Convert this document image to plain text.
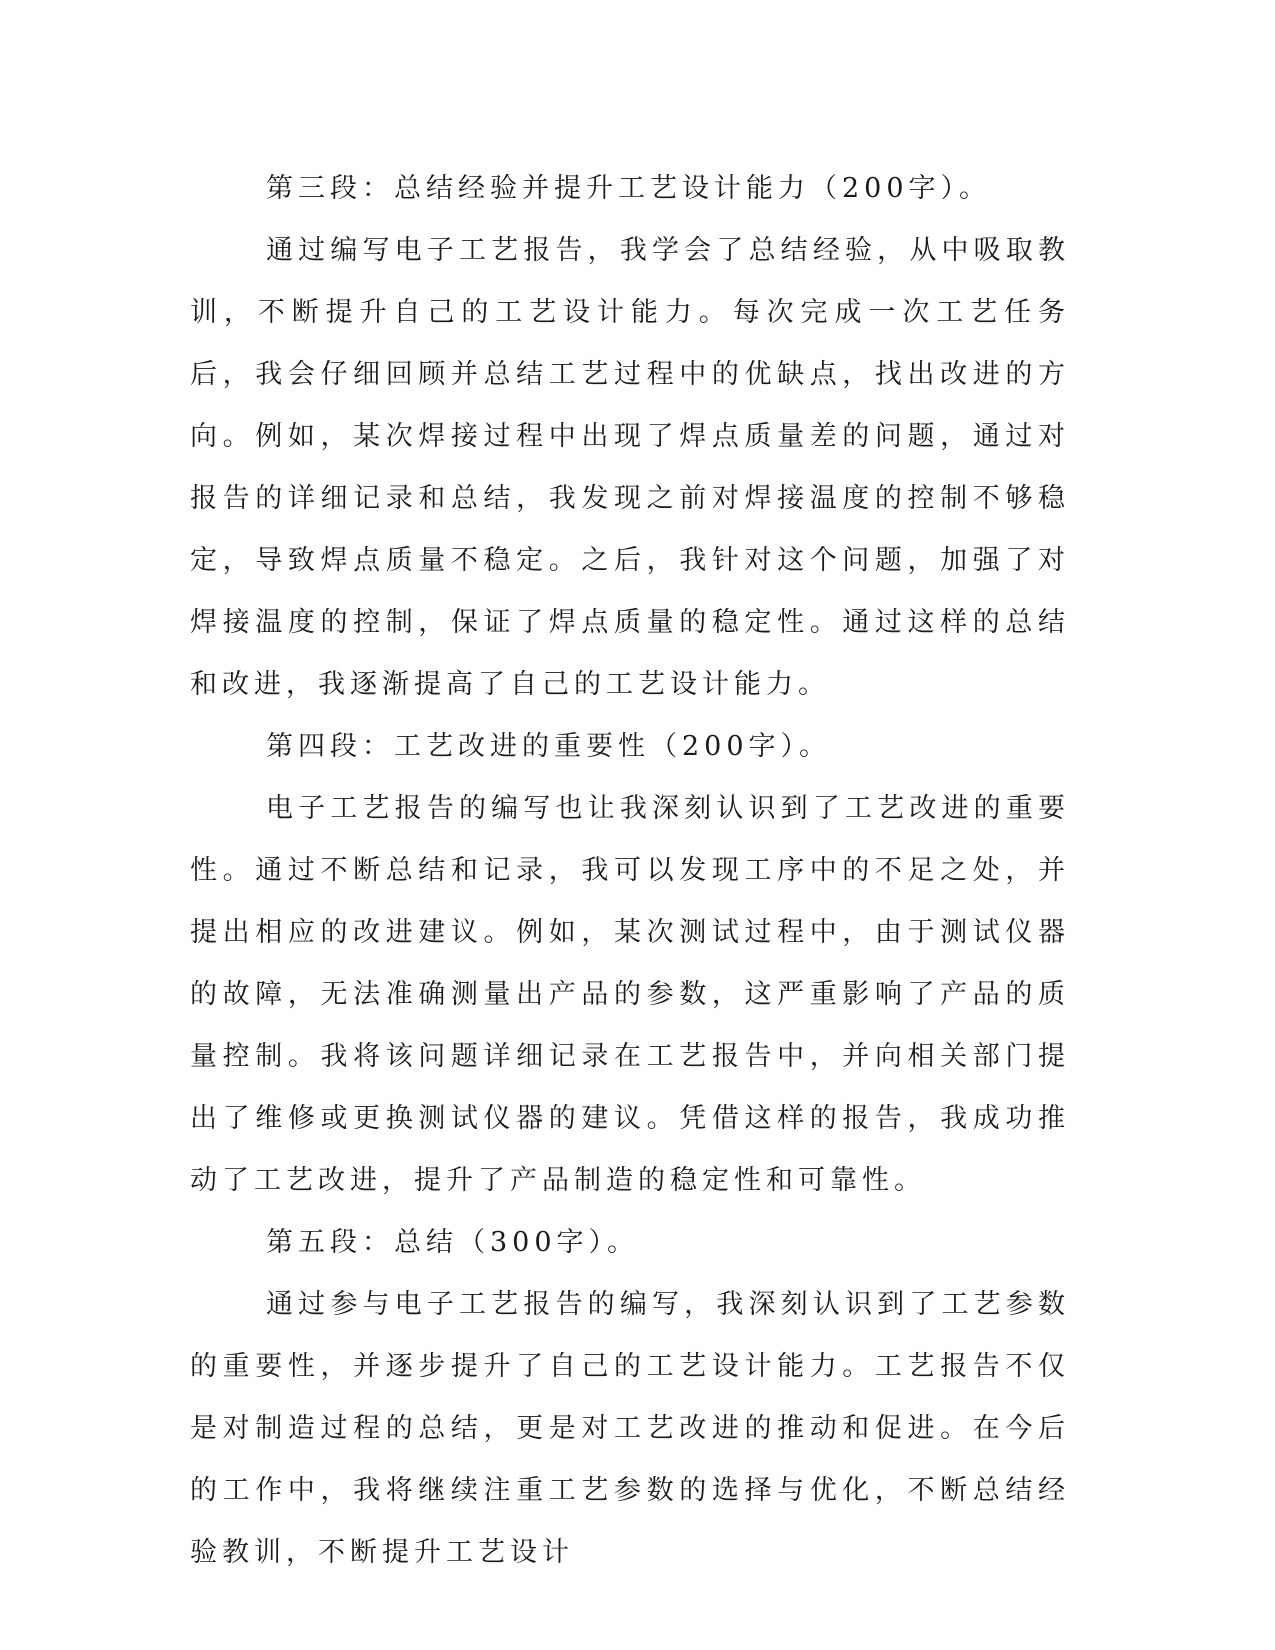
第三段：总结经验并提升工艺设计能力（200字）。

通过编写电子工艺报告，我学会了总结经验，从中吸取教训，不断提升自己的工艺设计能力。每次完成一次工艺任务后，我会仔细回顾并总结工艺过程中的优缺点，找出改进的方向。例如，某次焊接过程中出现了焊点质量差的问题，通过对报告的详细记录和总结，我发现之前对焊接温度的控制不够稳定，导致焊点质量不稳定。之后，我针对这个问题，加强了对焊接温度的控制，保证了焊点质量的稳定性。通过这样的总结和改进，我逐渐提高了自己的工艺设计能力。

第四段：工艺改进的重要性（200字）。

电子工艺报告的编写也让我深刻认识到了工艺改进的重要性。通过不断总结和记录，我可以发现工序中的不足之处，并提出相应的改进建议。例如，某次测试过程中，由于测试仪器的故障，无法准确测量出产品的参数，这严重影响了产品的质量控制。我将该问题详细记录在工艺报告中，并向相关部门提出了维修或更换测试仪器的建议。凭借这样的报告，我成功推动了工艺改进，提升了产品制造的稳定性和可靠性。

第五段：总结（300字）。

通过参与电子工艺报告的编写，我深刻认识到了工艺参数的重要性，并逐步提升了自己的工艺设计能力。工艺报告不仅是对制造过程的总结，更是对工艺改进的推动和促进。在今后的工作中，我将继续注重工艺参数的选择与优化，不断总结经验教训，不断提升工艺设计
